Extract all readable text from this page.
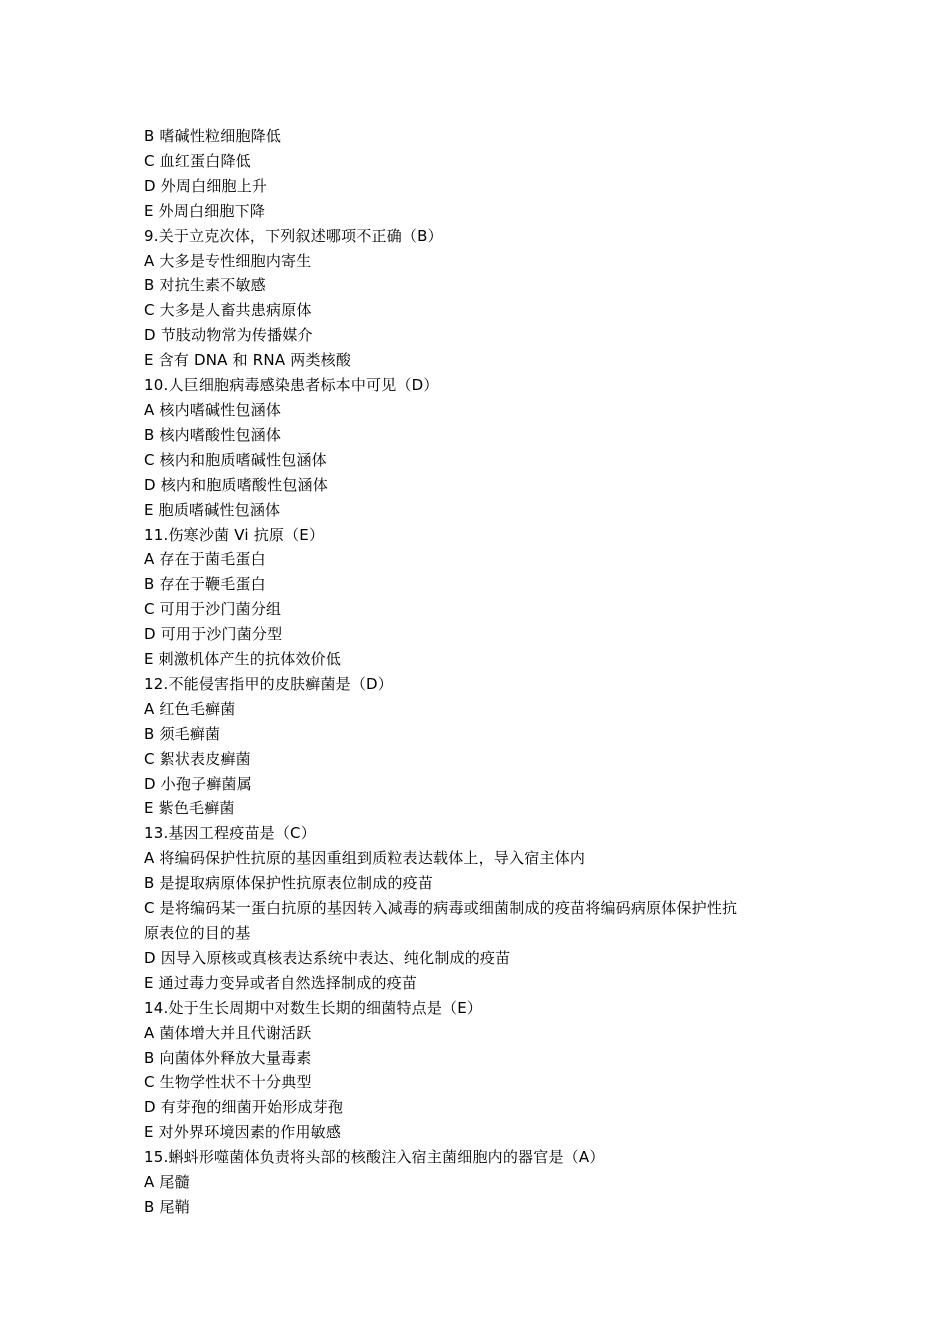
B 嗜碱性粒细胞降低
C 血红蛋白降低
D 外周白细胞上升
E 外周白细胞下降
9.关于立克次体，下列叙述哪项不正确（B）
A 大多是专性细胞内寄生
B 对抗生素不敏感
C 大多是人畜共患病原体
D 节肢动物常为传播媒介
E 含有 DNA 和 RNA 两类核酸
10.人巨细胞病毒感染患者标本中可见（D）
A 核内嗜碱性包涵体
B 核内嗜酸性包涵体
C 核内和胞质嗜碱性包涵体
D 核内和胞质嗜酸性包涵体
E 胞质嗜碱性包涵体
11.伤寒沙菌 Vi 抗原（E）
A 存在于菌毛蛋白
B 存在于鞭毛蛋白
C 可用于沙门菌分组
D 可用于沙门菌分型
E 刺激机体产生的抗体效价低
12.不能侵害指甲的皮肤癣菌是（D）
A 红色毛癣菌
B 须毛癣菌
C 絮状表皮癣菌
D 小孢子癣菌属
E 紫色毛癣菌
13.基因工程疫苗是（C）
A 将编码保护性抗原的基因重组到质粒表达载体上，导入宿主体内
B 是提取病原体保护性抗原表位制成的疫苗
C 是将编码某一蛋白抗原的基因转入减毒的病毒或细菌制成的疫苗将编码病原体保护性抗
原表位的目的基
D 因导入原核或真核表达系统中表达、纯化制成的疫苗
E 通过毒力变异或者自然选择制成的疫苗
14.处于生长周期中对数生长期的细菌特点是（E）
A 菌体增大并且代谢活跃
B 向菌体外释放大量毒素
C 生物学性状不十分典型
D 有芽孢的细菌开始形成芽孢
E 对外界环境因素的作用敏感
15.蝌蚪形噬菌体负责将头部的核酸注入宿主菌细胞内的器官是（A）
A 尾髓
B 尾鞘
